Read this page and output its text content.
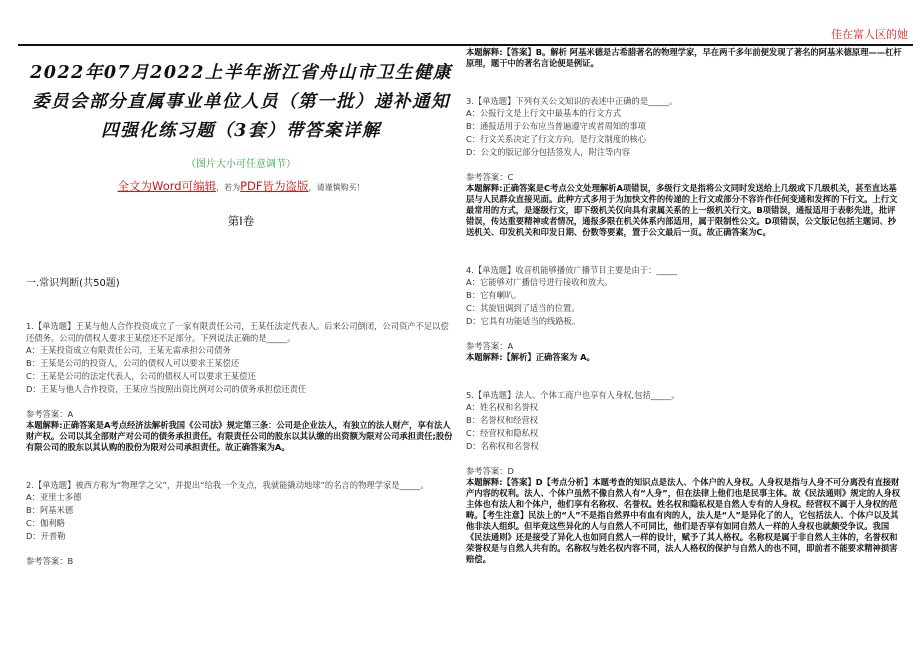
佳在富人区的她
2022年07月2022上半年浙江省舟山市卫生健康委员会部分直属事业单位人员（第一批）递补通知四强化练习题（3套）带答案详解
（图片大小可任意调节）
全文为Word可编辑，若为PDF皆为盗版，请谨慎购买！
第Ⅰ卷
一.常识判断(共50题)

1.【单选题】王某与他人合作投资成立了一家有限责任公司，王某任法定代表人。后来公司倒闭，公司资产不足以偿还债务。公司的债权人要求王某偿还不足部分。下列说法正确的是_____。

A：王某投资成立有限责任公司，王某无需承担公司债务

B：王某是公司的投资人，公司的债权人可以要求王某偿还

C：王某是公司的法定代表人，公司的债权人可以要求王某偿还

D：王某与他人合作投资，王某应当按照出资比例对公司的债务承担偿还责任

参考答案：A

本题解释:正确答案是A考点经济法解析我国《公司法》规定第三条：公司是企业法人，有独立的法人财产，享有法人财产权。公司以其全部财产对公司的债务承担责任。有限责任公司的股东以其认缴的出资额为限对公司承担责任;股份有限公司的股东以其认购的股份为限对公司承担责任。故正确答案为A。

2.【单选题】被西方称为“物理学之父”，并提出“给我一个支点，我就能撬动地球”的名言的物理学家是_____。

A：亚里士多德

B：阿基米德

C：伽利略

D：开普勒

参考答案：B

本题解释:【答案】B。解析 阿基米德是古希腊著名的物理学家，早在两千多年前便发现了著名的阿基米德原理——杠杆原理，题干中的著名言论便是例证。

3.【单选题】下列有关公文知识的表述中正确的是_____。

A：公报行文是上行文中最基本的行文方式

B：通报适用于公布应当普遍遵守或者周知的事项

C：行文关系决定了行文方向，是行文制度的核心

D：公文的版记部分包括签发人，附注等内容

参考答案：C

本题解释:正确答案是C考点公文处理解析A项错误，多级行文是指将公文同时发送给上几级或下几级机关，甚至直达基层与人民群众直接见面。此种方式多用于为加快文件的传递的上行文或部分不容许作任何变通和发挥的下行文。上行文最常用的方式，是逐级行文，即下级机关仅向具有隶属关系的上一级机关行文。B项错误，通报适用于表彰先进，批评错误，传达重要精神或者情况，通报多限在机关体系内部适用，属于限制性公文。D项错误，公文版记包括主题词、抄送机关、印发机关和印发日期、份数等要素，置于公文最后一页。故正确答案为C。

4.【单选题】收音机能够播放广播节目主要是由于：_____

A：它能够对广播信号进行接收和放大。

B：它有喇叭。

C：其旋钮调到了适当的位置。

D：它具有功能适当的线路板。

参考答案：A

本题解释:【解析】正确答案为 A。

5.【单选题】法人、个体工商户也享有人身权,包括_____。

A：姓名权和名誉权

B：名誉权和经营权

C：经营权和隐私权

D：名称权和名誉权

参考答案：D

本题解释:【答案】D【考点分析】本题考查的知识点是法人、个体户的人身权。人身权是指与人身不可分离没有直接财产内容的权利。法人、个体户虽然不像自然人有“人身”，但在法律上他们也是民事主体。故《民法通则》规定的人身权主体也有法人和个体户，他们享有名称权、名誉权。姓名权和隐私权是自然人专有的人身权。经营权不属于人身权的范畴。【考生注意】民法上的“人”不是指自然界中有血有肉的人，法人是“人”是异化了的人，它包括法人、个体户以及其他非法人组织。但毕竟这些异化的人与自然人不可同比，他们是否享有如同自然人一样的人身权也就颇受争议。我国《民法通则》还是接受了异化人也如同自然人一样的设计，赋予了其人格权。名称权是属于非自然人主体的，名誉权和荣誉权是与自然人共有的。名称权与姓名权内容不同，法人人格权的保护与自然人的也不同，即前者不能要求精神损害赔偿。
